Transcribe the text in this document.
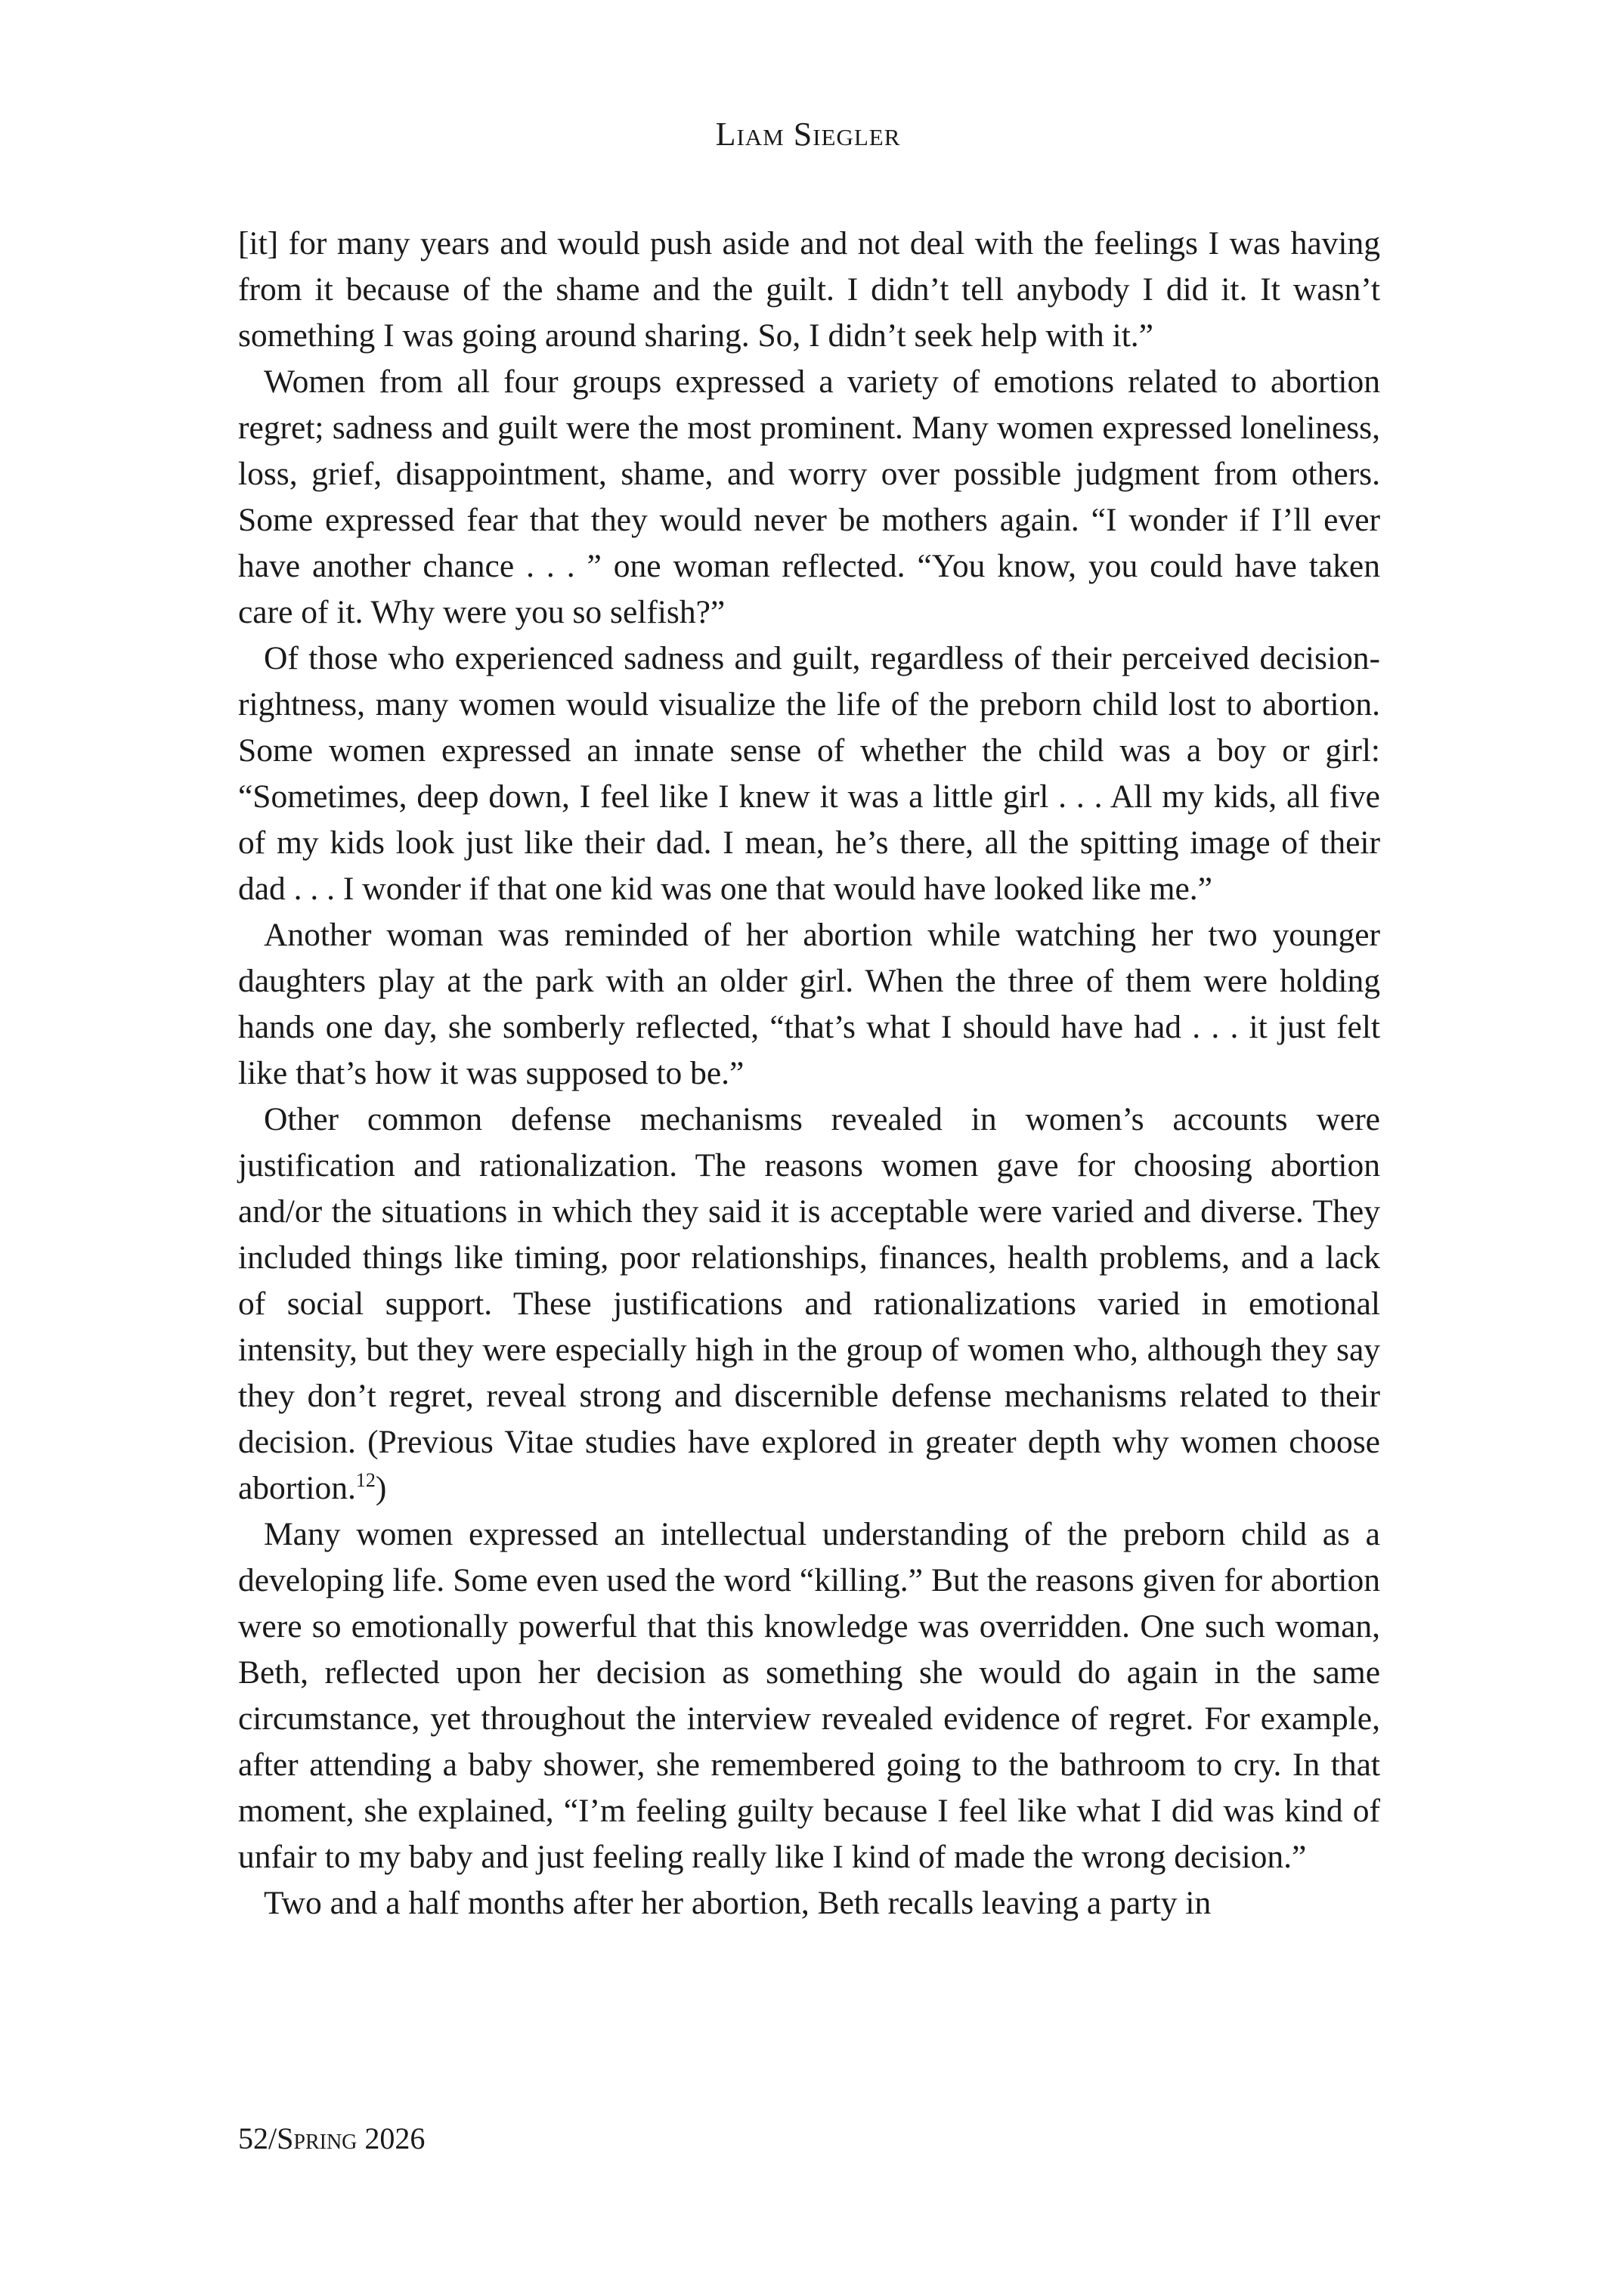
Liam Siegler

[it] for many years and would push aside and not deal with the feelings I was having from it because of the shame and the guilt. I didn’t tell anybody I did it. It wasn’t something I was going around sharing. So, I didn’t seek help with it.”

Women from all four groups expressed a variety of emotions related to abortion regret; sadness and guilt were the most prominent. Many women expressed loneliness, loss, grief, disappointment, shame, and worry over possible judgment from others. Some expressed fear that they would never be mothers again. “I wonder if I’ll ever have another chance . . . ” one woman reflected. “You know, you could have taken care of it. Why were you so selfish?”

Of those who experienced sadness and guilt, regardless of their perceived decision-rightness, many women would visualize the life of the preborn child lost to abortion. Some women expressed an innate sense of whether the child was a boy or girl: “Sometimes, deep down, I feel like I knew it was a little girl . . . All my kids, all five of my kids look just like their dad. I mean, he’s there, all the spitting image of their dad . . . I wonder if that one kid was one that would have looked like me.”

Another woman was reminded of her abortion while watching her two younger daughters play at the park with an older girl. When the three of them were holding hands one day, she somberly reflected, “that’s what I should have had . . . it just felt like that’s how it was supposed to be.”

Other common defense mechanisms revealed in women’s accounts were justification and rationalization. The reasons women gave for choosing abortion and/or the situations in which they said it is acceptable were varied and diverse. They included things like timing, poor relationships, finances, health problems, and a lack of social support. These justifications and rationalizations varied in emotional intensity, but they were especially high in the group of women who, although they say they don’t regret, reveal strong and discernible defense mechanisms related to their decision. (Previous Vitae studies have explored in greater depth why women choose abortion.$^{12}$)

Many women expressed an intellectual understanding of the preborn child as a developing life. Some even used the word “killing.” But the reasons given for abortion were so emotionally powerful that this knowledge was overridden. One such woman, Beth, reflected upon her decision as something she would do again in the same circumstance, yet throughout the interview revealed evidence of regret. For example, after attending a baby shower, she remembered going to the bathroom to cry. In that moment, she explained, “I’m feeling guilty because I feel like what I did was kind of unfair to my baby and just feeling really like I kind of made the wrong decision.”

Two and a half months after her abortion, Beth recalls leaving a party in

52/Spring 2026
